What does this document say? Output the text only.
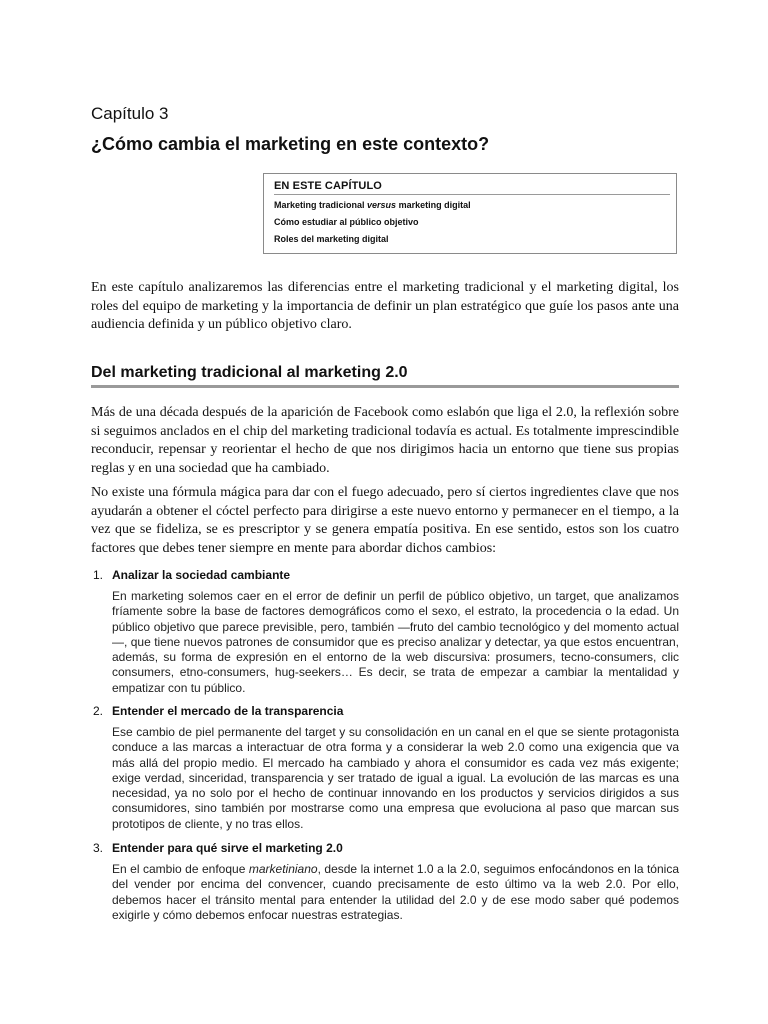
Capítulo 3
¿Cómo cambia el marketing en este contexto?
EN ESTE CAPÍTULO
Marketing tradicional versus marketing digital
Cómo estudiar al público objetivo
Roles del marketing digital
En este capítulo analizaremos las diferencias entre el marketing tradicional y el marketing digital, los roles del equipo de marketing y la importancia de definir un plan estratégico que guíe los pasos ante una audiencia definida y un público objetivo claro.
Del marketing tradicional al marketing 2.0
Más de una década después de la aparición de Facebook como eslabón que liga el 2.0, la reflexión sobre si seguimos anclados en el chip del marketing tradicional todavía es actual. Es totalmente imprescindible reconducir, repensar y reorientar el hecho de que nos dirigimos hacia un entorno que tiene sus propias reglas y en una sociedad que ha cambiado.
No existe una fórmula mágica para dar con el fuego adecuado, pero sí ciertos ingredientes clave que nos ayudarán a obtener el cóctel perfecto para dirigirse a este nuevo entorno y permanecer en el tiempo, a la vez que se fideliza, se es prescriptor y se genera empatía positiva. En ese sentido, estos son los cuatro factores que debes tener siempre en mente para abordar dichos cambios:
1. Analizar la sociedad cambiante
En marketing solemos caer en el error de definir un perfil de público objetivo, un target, que analizamos fríamente sobre la base de factores demográficos como el sexo, el estrato, la procedencia o la edad. Un público objetivo que parece previsible, pero, también —fruto del cambio tecnológico y del momento actual—, que tiene nuevos patrones de consumidor que es preciso analizar y detectar, ya que estos encuentran, además, su forma de expresión en el entorno de la web discursiva: prosumers, tecno-consumers, clic consumers, etno-consumers, hug-seekers… Es decir, se trata de empezar a cambiar la mentalidad y empatizar con tu público.
2. Entender el mercado de la transparencia
Ese cambio de piel permanente del target y su consolidación en un canal en el que se siente protagonista conduce a las marcas a interactuar de otra forma y a considerar la web 2.0 como una exigencia que va más allá del propio medio. El mercado ha cambiado y ahora el consumidor es cada vez más exigente; exige verdad, sinceridad, transparencia y ser tratado de igual a igual. La evolución de las marcas es una necesidad, ya no solo por el hecho de continuar innovando en los productos y servicios dirigidos a sus consumidores, sino también por mostrarse como una empresa que evoluciona al paso que marcan sus prototipos de cliente, y no tras ellos.
3. Entender para qué sirve el marketing 2.0
En el cambio de enfoque marketiniano, desde la internet 1.0 a la 2.0, seguimos enfocándonos en la tónica del vender por encima del convencer, cuando precisamente de esto último va la web 2.0. Por ello, debemos hacer el tránsito mental para entender la utilidad del 2.0 y de ese modo saber qué podemos exigirle y cómo debemos enfocar nuestras estrategias.
